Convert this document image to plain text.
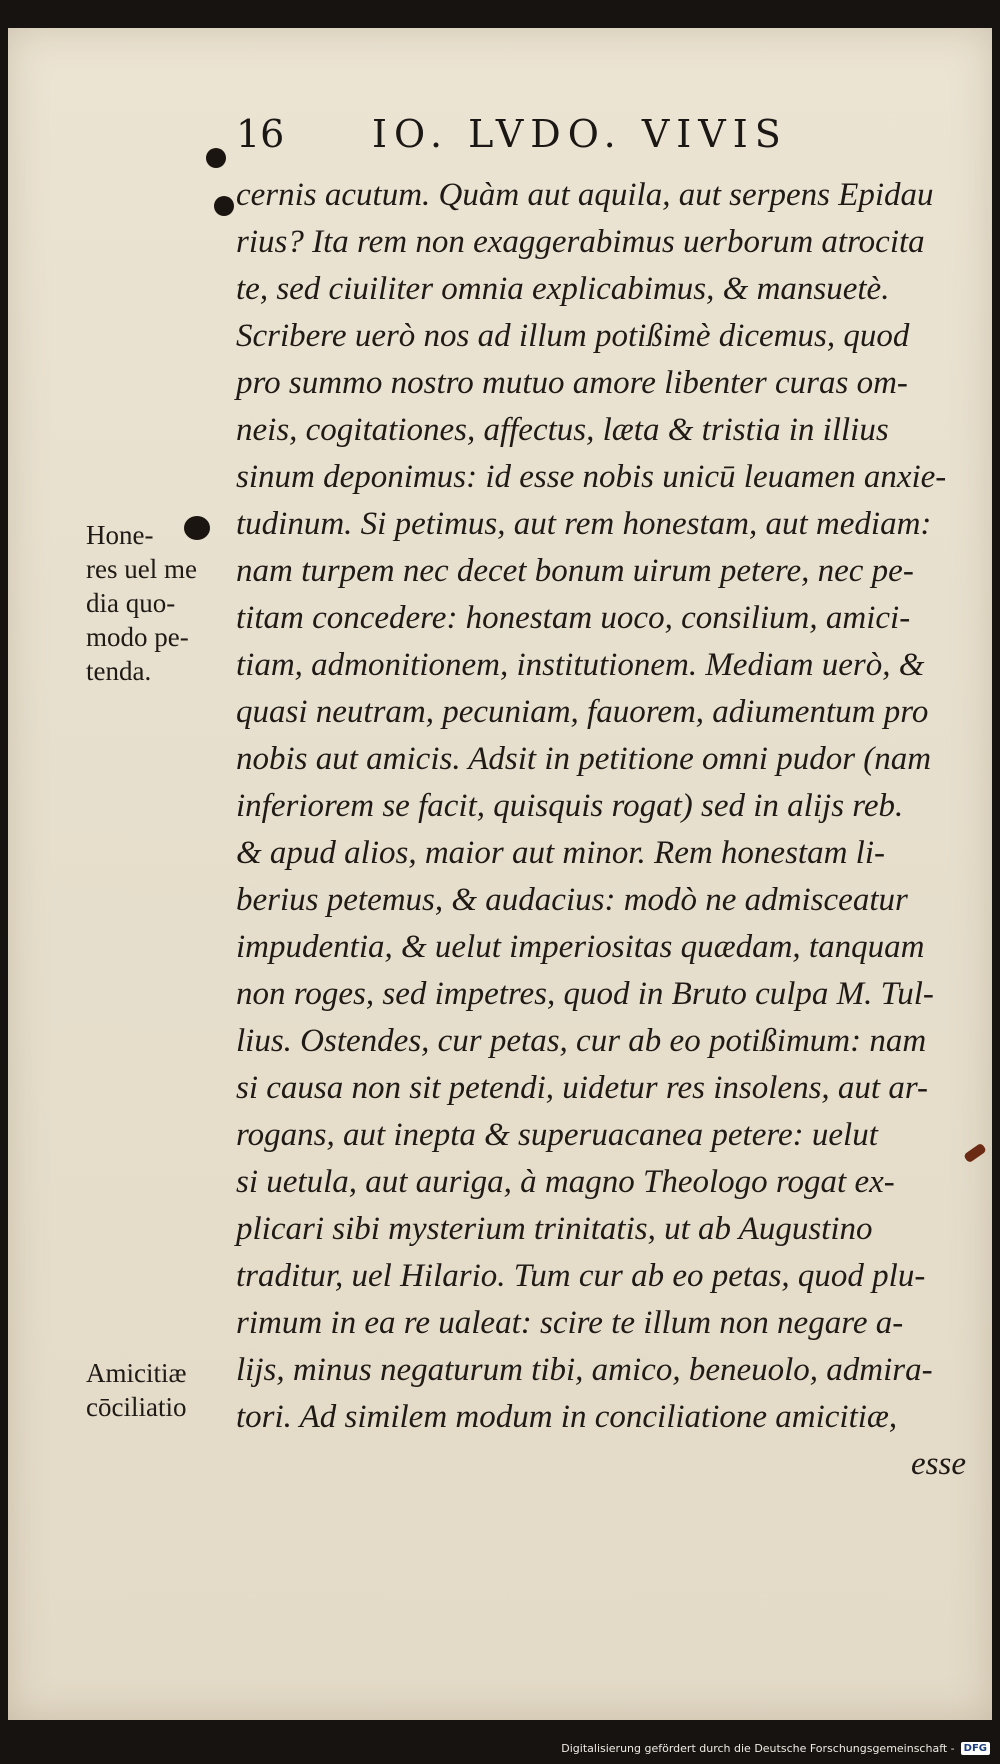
16 IO. LVDO. VIVIS
cernis acutum. Quàm aut aquila, aut serpens Epidau
rius? Ita rem non exaggerabimus uerborum atrocita
te, sed ciuiliter omnia explicabimus, & mansuetè.
Scribere uerò nos ad illum potißimè dicemus, quod
pro summo nostro mutuo amore libenter curas om-
neis, cogitationes, affectus, læta & tristia in illius
sinum deponimus: id esse nobis unicū leuamen anxie-
tudinum. Si petimus, aut rem honestam, aut mediam:
nam turpem nec decet bonum uirum petere, nec pe-
titam concedere: honestam uoco, consilium, amici-
tiam, admonitionem, institutionem. Mediam uerò, &
quasi neutram, pecuniam, fauorem, adiumentum pro
nobis aut amicis. Adsit in petitione omni pudor (nam
inferiorem se facit, quisquis rogat) sed in alijs reb.
& apud alios, maior aut minor. Rem honestam li-
berius petemus, & audacius: modò ne admisceatur
impudentia, & uelut imperiositas quædam, tanquam
non roges, sed impetres, quod in Bruto culpa M. Tul-
lius. Ostendes, cur petas, cur ab eo potißimum: nam
si causa non sit petendi, uidetur res insolens, aut ar-
rogans, aut inepta & superuacanea petere: uelut
si uetula, aut auriga, à magno Theologo rogat ex-
plicari sibi mysterium trinitatis, ut ab Augustino
traditur, uel Hilario. Tum cur ab eo petas, quod plu-
rimum in ea re ualeat: scire te illum non negare a-
lijs, minus negaturum tibi, amico, beneuolo, admira-
tori. Ad similem modum in conciliatione amicitiæ,
esse
Hone-
res uel me
dia quo-
modo pe-
tenda.
Amicitiæ
cōciliatio
Digitalisierung gefördert durch die Deutsche Forschungsgemeinschaft - DFG
